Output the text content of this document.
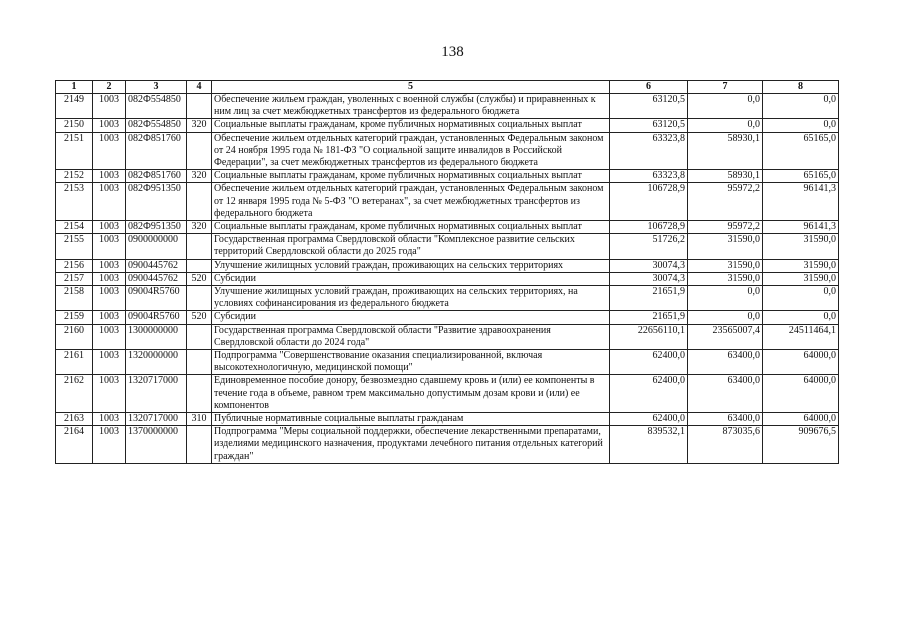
138
1	2	3	4	5	6	7	8
2149	1003	082Ф554850		Обеспечение жильем граждан, уволенных с военной службы (службы) и приравненных к ним лиц за счет межбюджетных трансфертов из федерального бюджета	63120,5	0,0	0,0
2150	1003	082Ф554850	320	Социальные выплаты гражданам, кроме публичных нормативных социальных выплат	63120,5	0,0	0,0
2151	1003	082Ф851760		Обеспечение жильем отдельных категорий граждан, установленных Федеральным законом от 24 ноября 1995 года № 181-ФЗ "О социальной защите инвалидов в Российской Федерации", за счет межбюджетных трансфертов из федерального бюджета	63323,8	58930,1	65165,0
2152	1003	082Ф851760	320	Социальные выплаты гражданам, кроме публичных нормативных социальных выплат	63323,8	58930,1	65165,0
2153	1003	082Ф951350		Обеспечение жильем отдельных категорий граждан, установленных Федеральным законом от 12 января 1995 года № 5-ФЗ "О ветеранах", за счет межбюджетных трансфертов из федерального бюджета	106728,9	95972,2	96141,3
2154	1003	082Ф951350	320	Социальные выплаты гражданам, кроме публичных нормативных социальных выплат	106728,9	95972,2	96141,3
2155	1003	0900000000		Государственная программа Свердловской области "Комплексное развитие сельских территорий Свердловской области до 2025 года"	51726,2	31590,0	31590,0
2156	1003	0900445762		Улучшение жилищных условий граждан, проживающих на сельских территориях	30074,3	31590,0	31590,0
2157	1003	0900445762	520	Субсидии	30074,3	31590,0	31590,0
2158	1003	09004R5760		Улучшение жилищных условий граждан, проживающих на сельских территориях, на условиях софинансирования из федерального бюджета	21651,9	0,0	0,0
2159	1003	09004R5760	520	Субсидии	21651,9	0,0	0,0
2160	1003	1300000000		Государственная программа Свердловской области "Развитие здравоохранения Свердловской области до 2024 года"	22656110,1	23565007,4	24511464,1
2161	1003	1320000000		Подпрограмма "Совершенствование оказания специализированной, включая высокотехнологичную, медицинской помощи"	62400,0	63400,0	64000,0
2162	1003	1320717000		Единовременное пособие донору, безвозмездно сдавшему кровь и (или) ее компоненты в течение года в объеме, равном трем максимально допустимым дозам крови и (или) ее компонентов	62400,0	63400,0	64000,0
2163	1003	1320717000	310	Публичные нормативные социальные выплаты гражданам	62400,0	63400,0	64000,0
2164	1003	1370000000		Подпрограмма "Меры социальной поддержки, обеспечение лекарственными препаратами, изделиями медицинского назначения, продуктами лечебного питания отдельных категорий граждан"	839532,1	873035,6	909676,5
